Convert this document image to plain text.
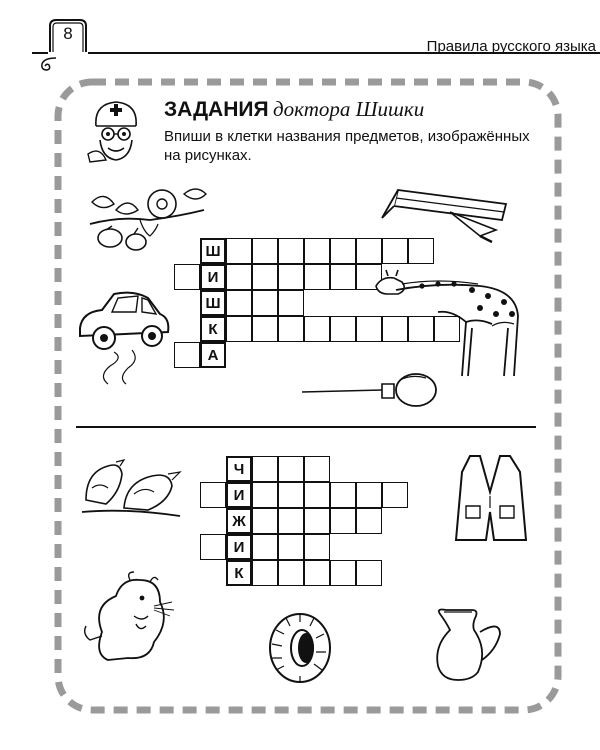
8
Правила русского языка
ЗАДАНИЯ доктора Шишки
Впиши в клетки названия предметов, изображённых на рисунках.
Ш
И
Ш
К
А
Ч
И
Ж
И
К
